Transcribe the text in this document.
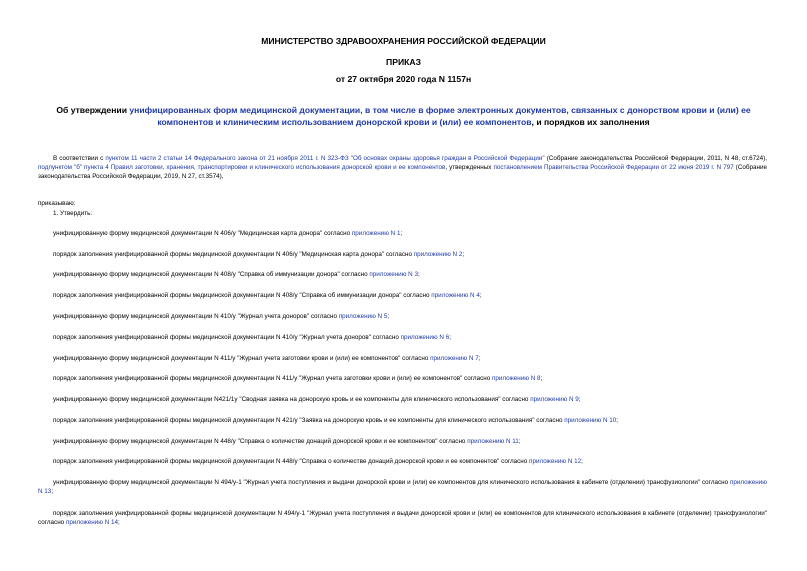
МИНИСТЕРСТВО ЗДРАВООХРАНЕНИЯ РОССИЙСКОЙ ФЕДЕРАЦИИ
ПРИКАЗ
от 27 октября 2020 года N 1157н
Об утверждении унифицированных форм медицинской документации, в том числе в форме электронных документов, связанных с донорством крови и (или) ее компонентов и клиническим использованием донорской крови и (или) ее компонентов, и порядков их заполнения
В соответствии с пунктом 11 части 2 статьи 14 Федерального закона от 21 ноября 2011 г. N 323-ФЗ "Об основах охраны здоровья граждан в Российской Федерации" (Собрание законодательства Российской Федерации, 2011, N 48, ст.6724), подпунктом "б" пункта 4 Правил заготовки, хранения, транспортировки и клинического использования донорской крови и ее компонентов, утвержденных постановлением Правительства Российской Федерации от 22 июня 2019 г. N 797 (Собрание законодательства Российской Федерации, 2019, N 27, ст.3574),
приказываю:
1. Утвердить:
унифицированную форму медицинской документации N 406/у "Медицинская карта донора" согласно приложению N 1;
порядок заполнения унифицированной формы медицинской документации N 406/у "Медицинская карта донора" согласно приложению N 2;
унифицированную форму медицинской документации N 408/у "Справка об иммунизации донора" согласно приложению N 3;
порядок заполнения унифицированной формы медицинской документации N 408/у "Справка об иммунизации донора" согласно приложению N 4;
унифицированную форму медицинской документации N 410/у "Журнал учета доноров" согласно приложению N 5;
порядок заполнения унифицированной формы медицинской документации N 410/у "Журнал учета доноров" согласно приложению N 6;
унифицированную форму медицинской документации N 411/у "Журнал учета заготовки крови и (или) ее компонентов" согласно приложению N 7;
порядок заполнения унифицированной формы медицинской документации N 411/у "Журнал учета заготовки крови и (или) ее компонентов" согласно приложению N 8;
унифицированную форму медицинской документации N421/1у "Сводная заявка на донорскую кровь и ее компоненты для клинического использования" согласно приложению N 9;
порядок заполнения унифицированной формы медицинской документации N 421/у "Заявка на донорскую кровь и ее компоненты для клинического использования" согласно приложению N 10;
унифицированную форму медицинской документации N 448/у "Справка о количестве донаций донорской крови и ее компонентов" согласно приложению N 11;
порядок заполнения унифицированной формы медицинской документации N 448/у "Справка о количестве донаций донорской крови и ее компонентов" согласно приложению N 12;
унифицированную форму медицинской документации N 494/у-1 "Журнал учета поступления и выдачи донорской крови и (или) ее компонентов для клинического использования в кабинете (отделении) трансфузиологии" согласно приложению N 13;
порядок заполнения унифицированной формы медицинской документации N 494/у-1 "Журнал учета поступления и выдачи донорской крови и (или) ее компонентов для клинического использования в кабинете (отделении) трансфузиологии" согласно приложению N 14;
